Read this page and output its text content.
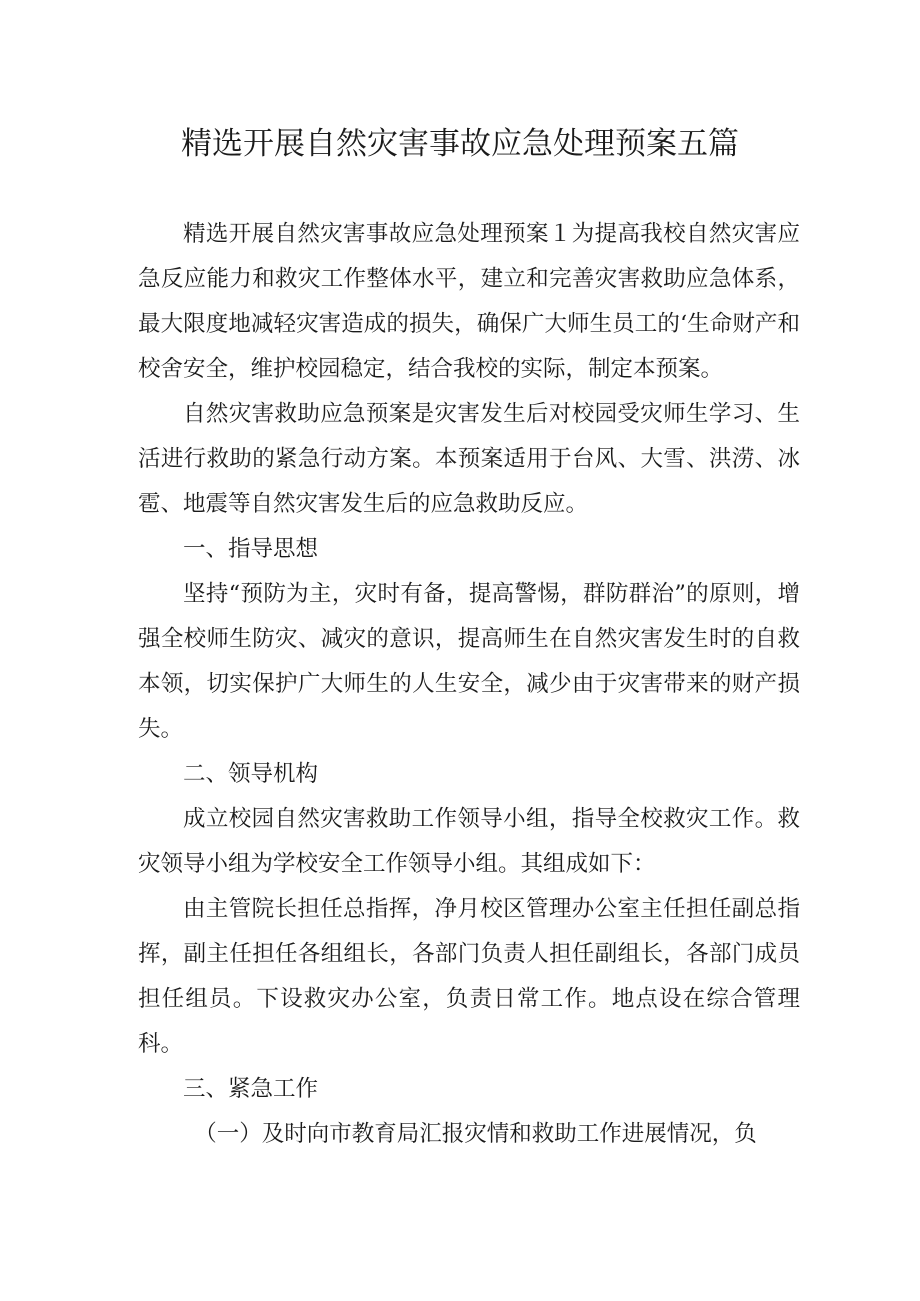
精选开展自然灾害事故应急处理预案五篇

精选开展自然灾害事故应急处理预案１为提高我校自然灾害应急反应能力和救灾工作整体水平，建立和完善灾害救助应急体系，最大限度地减轻灾害造成的损失，确保广大师生员工的‘生命财产和校舍安全，维护校园稳定，结合我校的实际，制定本预案。

自然灾害救助应急预案是灾害发生后对校园受灾师生学习、生活进行救助的紧急行动方案。本预案适用于台风、大雪、洪涝、冰雹、地震等自然灾害发生后的应急救助反应。

一、指导思想

坚持“预防为主，灾时有备，提高警惕，群防群治”的原则，增强全校师生防灾、减灾的意识，提高师生在自然灾害发生时的自救本领，切实保护广大师生的人生安全，减少由于灾害带来的财产损失。

二、领导机构

成立校园自然灾害救助工作领导小组，指导全校救灾工作。救灾领导小组为学校安全工作领导小组。其组成如下：

由主管院长担任总指挥，净月校区管理办公室主任担任副总指挥，副主任担任各组组长，各部门负责人担任副组长，各部门成员担任组员。下设救灾办公室，负责日常工作。地点设在综合管理科。

三、紧急工作

（一）及时向市教育局汇报灾情和救助工作进展情况，负
